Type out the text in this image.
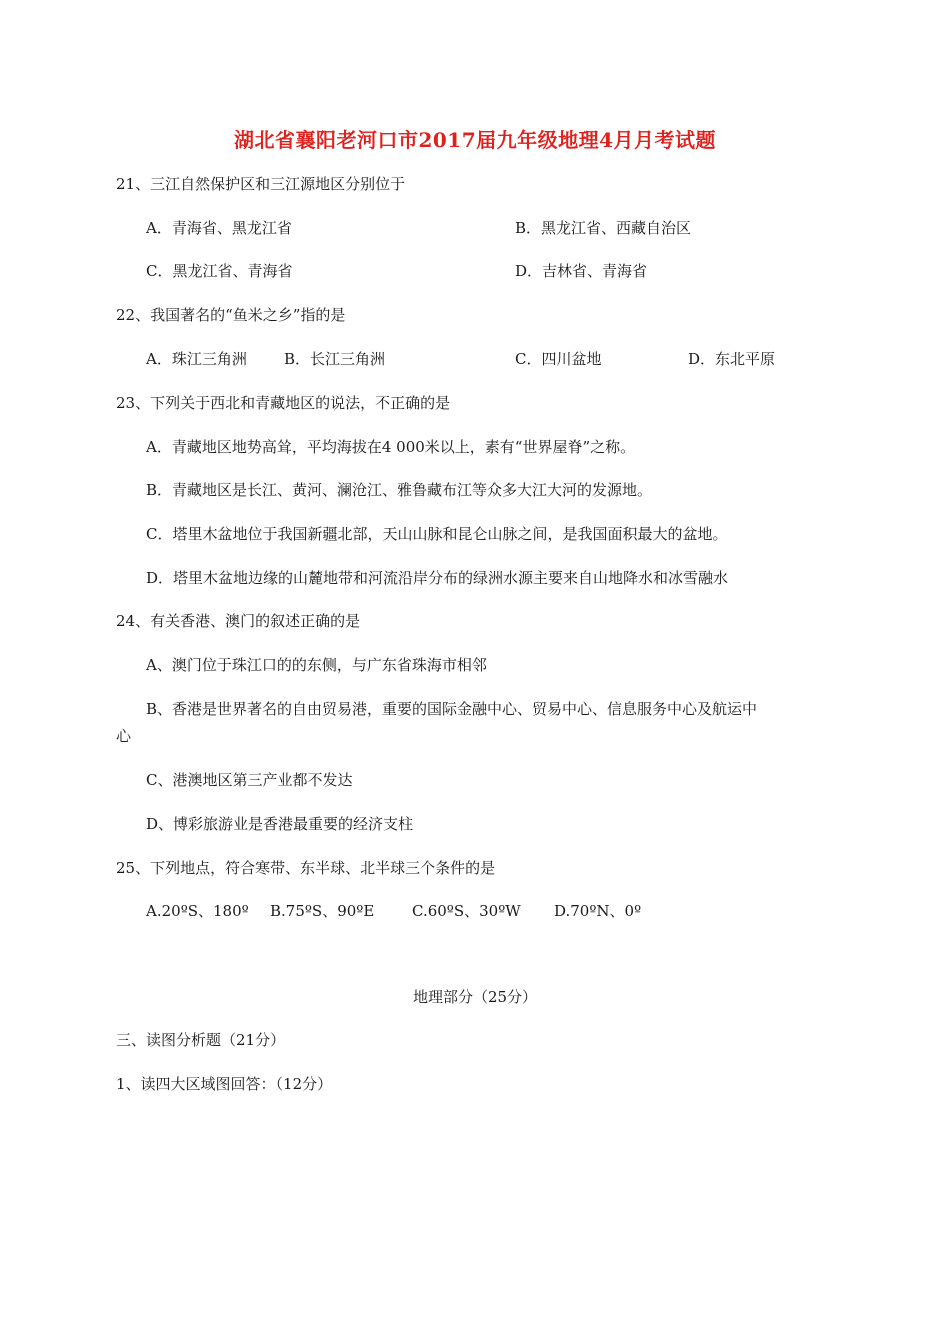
湖北省襄阳老河口市2017届九年级地理4月月考试题
21、三江自然保护区和三江源地区分别位于
A．青海省、黑龙江省	B．黑龙江省、西藏自治区
C．黑龙江省、青海省	D．吉林省、青海省
22、我国著名的“鱼米之乡”指的是
A．珠江三角洲 B．长江三角洲	C．四川盆地	D．东北平原
23、下列关于西北和青藏地区的说法，不正确的是
A．青藏地区地势高耸，平均海拔在4 000米以上，素有“世界屋脊”之称。
B．青藏地区是长江、黄河、澜沧江、雅鲁藏布江等众多大江大河的发源地。
C．塔里木盆地位于我国新疆北部，天山山脉和昆仑山脉之间，是我国面积最大的盆地。
D．塔里木盆地边缘的山麓地带和河流沿岸分布的绿洲水源主要来自山地降水和冰雪融水
24、有关香港、澳门的叙述正确的是
A、澳门位于珠江口的的东侧，与广东省珠海市相邻
B、香港是世界著名的自由贸易港，重要的国际金融中心、贸易中心、信息服务中心及航运中
心
C、港澳地区第三产业都不发达
D、博彩旅游业是香港最重要的经济支柱
25、下列地点，符合寒带、东半球、北半球三个条件的是
A.20ºS、180º B.75ºS、90ºE	C.60ºS、30ºW D.70ºN、0º
地理部分（25分）
三、读图分析题（21分）
1、读四大区域图回答：（12分）
